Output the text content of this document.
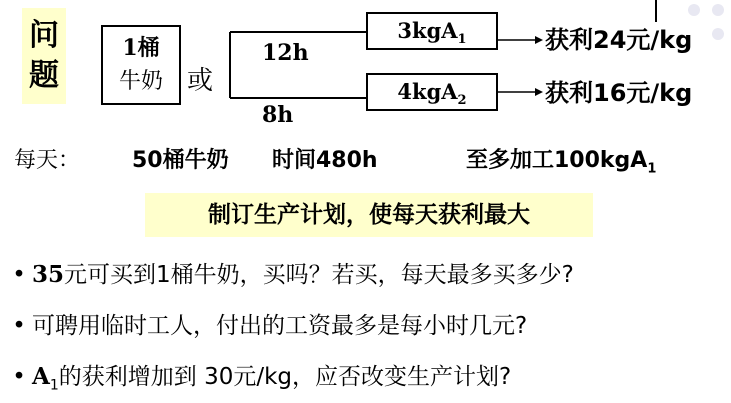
问
题
1桶
牛奶 或
12h
8h
3kgA$_1$
4kgA$_2$
获利24元/kg
获利16元/kg
每天： 50桶牛奶 时间480h	至多加工100kgA$_1$
制订生产计划，使每天获利最大
• 35元可买到1桶牛奶，买吗？若买，每天最多买多少?
• 可聘用临时工人，付出的工资最多是每小时几元?
• $A_1$的获利增加到 30元/kg，应否改变生产计划?
